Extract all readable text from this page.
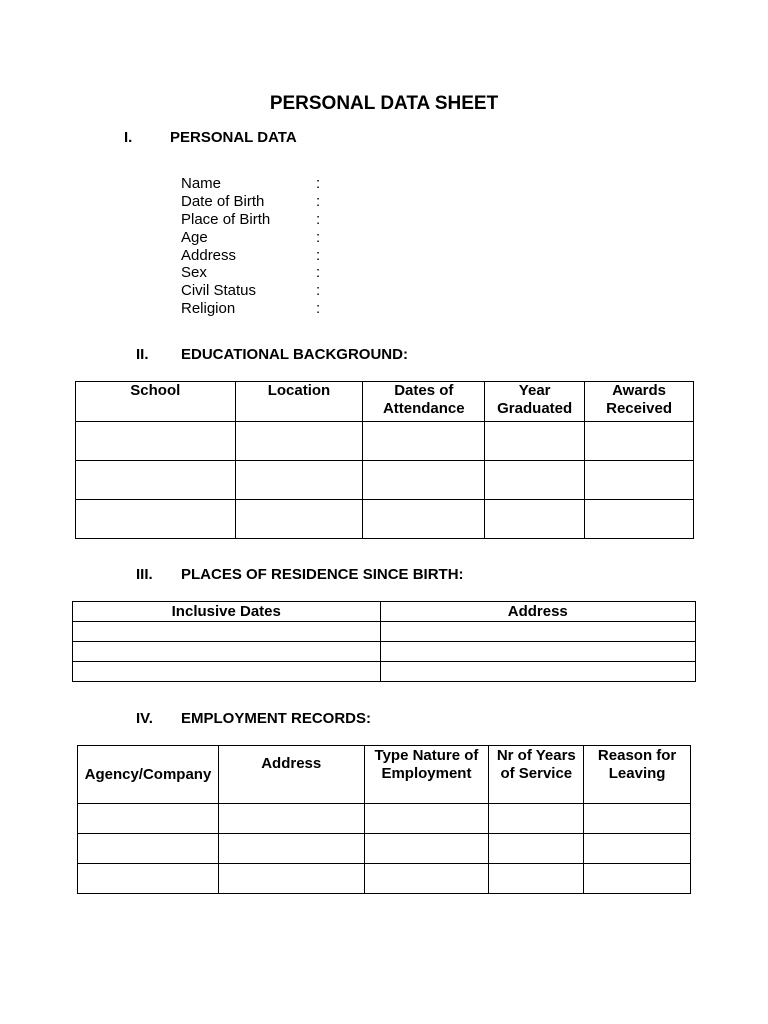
PERSONAL DATA SHEET
I.	PERSONAL DATA
Name	:
Date of Birth	:
Place of Birth	:
Age	:
Address	:
Sex	:
Civil Status	:
Religion	:
II. EDUCATIONAL BACKGROUND:
School	Location	Dates of Attendance	Year Graduated	Awards Received

III. PLACES OF RESIDENCE SINCE BIRTH:
Inclusive Dates	Address

IV. EMPLOYMENT RECORDS:
Agency/Company	Address	Type Nature of Employment	Nr of Years of Service	Reason for Leaving
